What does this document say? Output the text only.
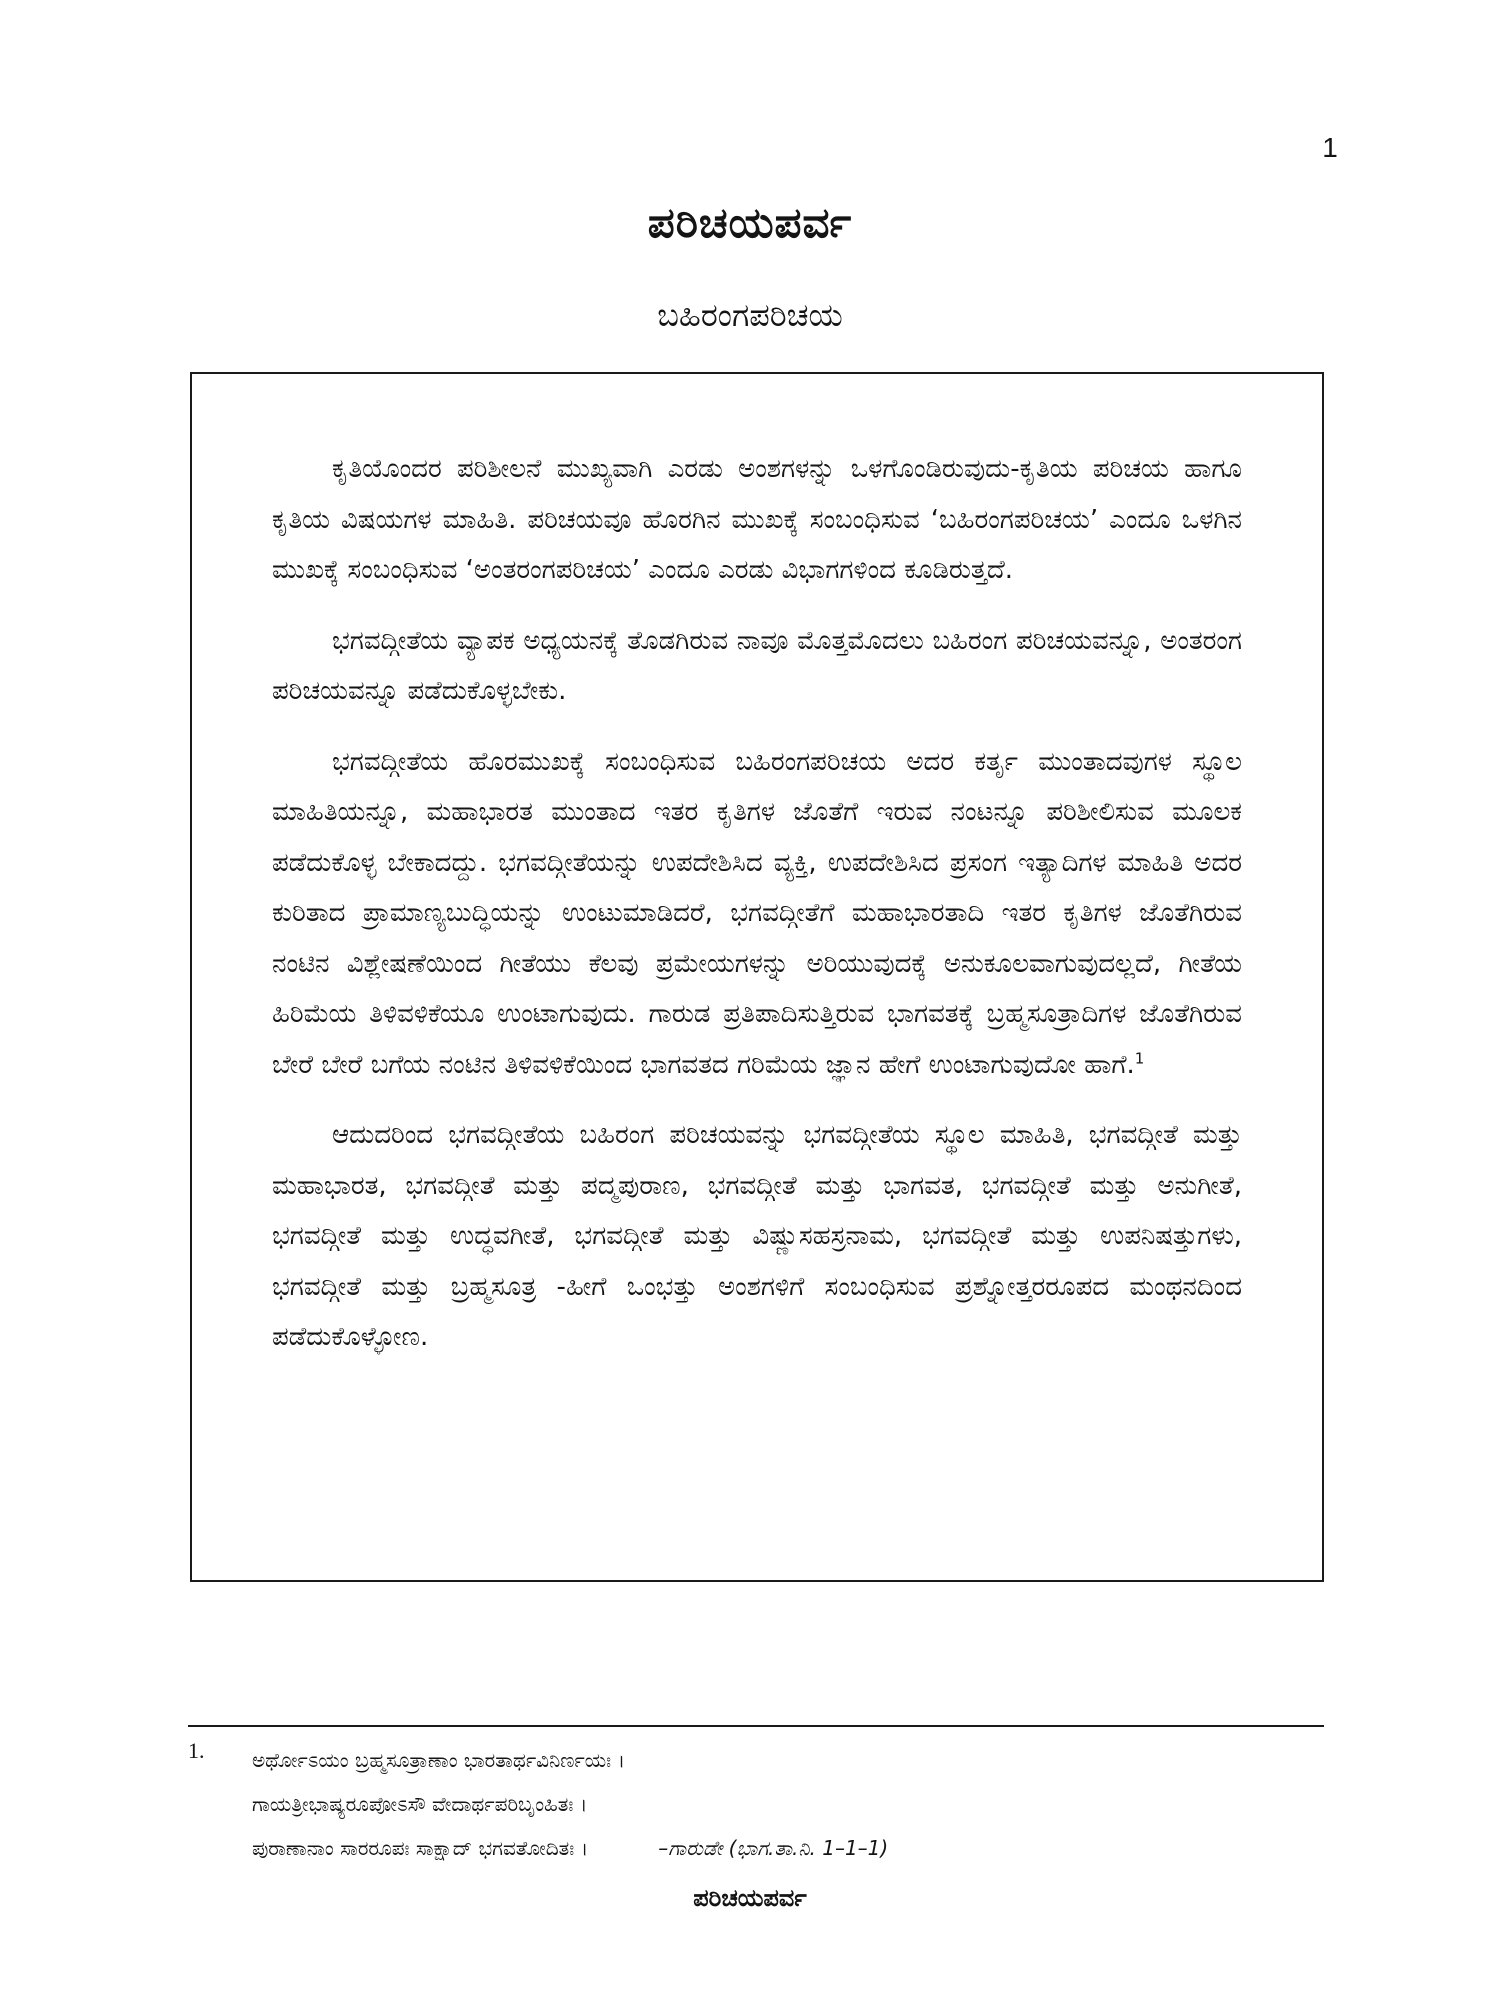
1
ಪರಿಚಯಪರ್ವ
ಬಹಿರಂಗಪರಿಚಯ

ಕೃತಿಯೊಂದರ ಪರಿಶೀಲನೆ ಮುಖ್ಯವಾಗಿ ಎರಡು ಅಂಶಗಳನ್ನು ಒಳಗೊಂಡಿರುವುದು-ಕೃತಿಯ ಪರಿಚಯ ಹಾಗೂ ಕೃತಿಯ ವಿಷಯಗಳ ಮಾಹಿತಿ. ಪರಿಚಯವೂ ಹೊರಗಿನ ಮುಖಕ್ಕೆ ಸಂಬಂಧಿಸುವ ‘ಬಹಿರಂಗಪರಿಚಯ’ ಎಂದೂ ಒಳಗಿನ ಮುಖಕ್ಕೆ ಸಂಬಂಧಿಸುವ ‘ಅಂತರಂಗಪರಿಚಯ’ ಎಂದೂ ಎರಡು ವಿಭಾಗಗಳಿಂದ ಕೂಡಿರುತ್ತದೆ.

ಭಗವದ್ಗೀತೆಯ ವ್ಯಾಪಕ ಅಧ್ಯಯನಕ್ಕೆ ತೊಡಗಿರುವ ನಾವೂ ಮೊತ್ತಮೊದಲು ಬಹಿರಂಗ ಪರಿಚಯವನ್ನೂ, ಅಂತರಂಗ ಪರಿಚಯವನ್ನೂ ಪಡೆದುಕೊಳ್ಳಬೇಕು.

ಭಗವದ್ಗೀತೆಯ ಹೊರಮುಖಕ್ಕೆ ಸಂಬಂಧಿಸುವ ಬಹಿರಂಗಪರಿಚಯ ಅದರ ಕರ್ತೃ ಮುಂತಾದವುಗಳ ಸ್ಥೂಲ ಮಾಹಿತಿಯನ್ನೂ, ಮಹಾಭಾರತ ಮುಂತಾದ ಇತರ ಕೃತಿಗಳ ಜೊತೆಗೆ ಇರುವ ನಂಟನ್ನೂ ಪರಿಶೀಲಿಸುವ ಮೂಲಕ ಪಡೆದುಕೊಳ್ಳ ಬೇಕಾದದ್ದು. ಭಗವದ್ಗೀತೆಯನ್ನು ಉಪದೇಶಿಸಿದ ವ್ಯಕ್ತಿ, ಉಪದೇಶಿಸಿದ ಪ್ರಸಂಗ ಇತ್ಯಾದಿಗಳ ಮಾಹಿತಿ ಅದರ ಕುರಿತಾದ ಪ್ರಾಮಾಣ್ಯಬುದ್ಧಿಯನ್ನು ಉಂಟುಮಾಡಿದರೆ, ಭಗವದ್ಗೀತೆಗೆ ಮಹಾಭಾರತಾದಿ ಇತರ ಕೃತಿಗಳ ಜೊತೆಗಿರುವ ನಂಟಿನ ವಿಶ್ಲೇಷಣೆಯಿಂದ ಗೀತೆಯು ಕೆಲವು ಪ್ರಮೇಯಗಳನ್ನು ಅರಿಯುವುದಕ್ಕೆ ಅನುಕೂಲವಾಗುವುದಲ್ಲದೆ, ಗೀತೆಯ ಹಿರಿಮೆಯ ತಿಳಿವಳಿಕೆಯೂ ಉಂಟಾಗುವುದು. ಗಾರುಡ ಪ್ರತಿಪಾದಿಸುತ್ತಿರುವ ಭಾಗವತಕ್ಕೆ ಬ್ರಹ್ಮಸೂತ್ರಾದಿಗಳ ಜೊತೆಗಿರುವ ಬೇರೆ ಬೇರೆ ಬಗೆಯ ನಂಟಿನ ತಿಳಿವಳಿಕೆಯಿಂದ ಭಾಗವತದ ಗರಿಮೆಯ ಜ್ಞಾನ ಹೇಗೆ ಉಂಟಾಗುವುದೋ ಹಾಗೆ.$^1$

ಆದುದರಿಂದ ಭಗವದ್ಗೀತೆಯ ಬಹಿರಂಗ ಪರಿಚಯವನ್ನು ಭಗವದ್ಗೀತೆಯ ಸ್ಥೂಲ ಮಾಹಿತಿ, ಭಗವದ್ಗೀತೆ ಮತ್ತು ಮಹಾಭಾರತ, ಭಗವದ್ಗೀತೆ ಮತ್ತು ಪದ್ಮಪುರಾಣ, ಭಗವದ್ಗೀತೆ ಮತ್ತು ಭಾಗವತ, ಭಗವದ್ಗೀತೆ ಮತ್ತು ಅನುಗೀತೆ, ಭಗವದ್ಗೀತೆ ಮತ್ತು ಉದ್ಧವಗೀತೆ, ಭಗವದ್ಗೀತೆ ಮತ್ತು ವಿಷ್ಣುಸಹಸ್ರನಾಮ, ಭಗವದ್ಗೀತೆ ಮತ್ತು ಉಪನಿಷತ್ತುಗಳು, ಭಗವದ್ಗೀತೆ ಮತ್ತು ಬ್ರಹ್ಮಸೂತ್ರ -ಹೀಗೆ ಒಂಭತ್ತು ಅಂಶಗಳಿಗೆ ಸಂಬಂಧಿಸುವ ಪ್ರಶ್ನೋತ್ತರರೂಪದ ಮಂಥನದಿಂದ ಪಡೆದುಕೊಳ್ಳೋಣ.

1. ಅರ್ಥೋಽಯಂ ಬ್ರಹ್ಮಸೂತ್ರಾಣಾಂ ಭಾರತಾರ್ಥವಿನಿರ್ಣಯಃ ।
ಗಾಯತ್ರೀಭಾಷ್ಯರೂಪೋಽಸೌ ವೇದಾರ್ಥಪರಿಬೃಂಹಿತಃ ।
ಪುರಾಣಾನಾಂ ಸಾರರೂಪಃ ಸಾಕ್ಷಾದ್ ಭಗವತೋದಿತಃ ।	–ಗಾರುಡೇ (ಭಾಗ.ತಾ.ನಿ. 1–1–1)
ಪರಿಚಯಪರ್ವ
